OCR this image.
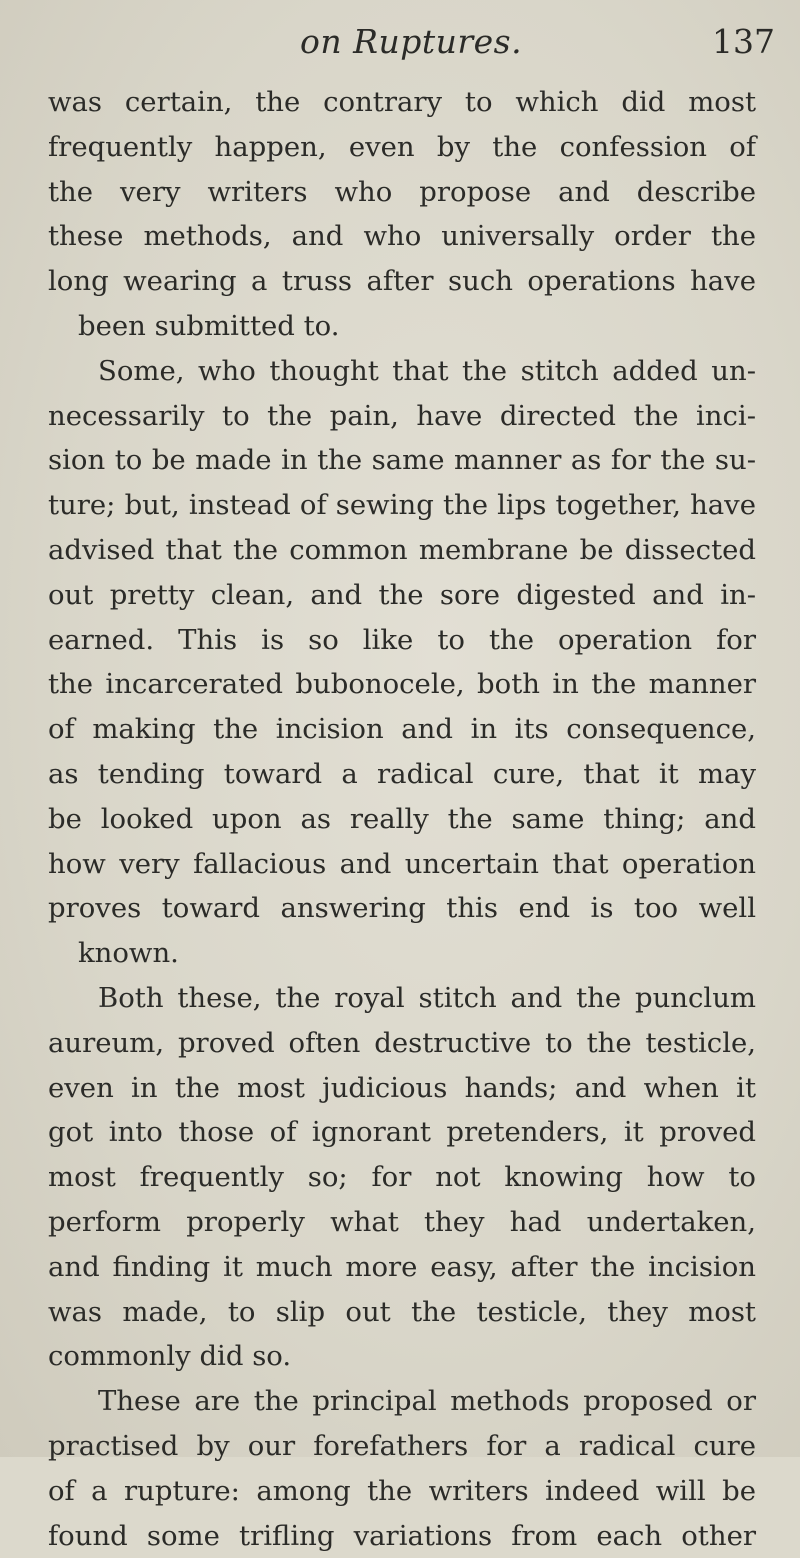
on Ruptures.	137
was certain, the contrary to which did most
frequently happen, even by the confession of
the very writers who propose and describe
these methods, and who universally order the
long wearing a truss after such operations have
been submitted to.
Some, who thought that the stitch added un-
necessarily to the pain, have directed the inci-
sion to be made in the same manner as for the su-
ture; but, instead of sewing the lips together, have
advised that the common membrane be dissected
out pretty clean, and the sore digested and in-
earned. This is so like to the operation for
the incarcerated bubonocele, both in the manner
of making the incision and in its consequence,
as tending toward a radical cure, that it may
be looked upon as really the same thing; and
how very fallacious and uncertain that operation
proves toward answering this end is too well
known.
Both these, the royal stitch and the punclum
aureum, proved often destructive to the testicle,
even in the most judicious hands; and when it
got into those of ignorant pretenders, it proved
most frequently so; for not knowing how to
perform properly what they had undertaken,
and finding it much more easy, after the incision
was made, to slip out the testicle, they most
commonly did so.
These are the principal methods proposed or
practised by our forefathers for a radical cure
of a rupture: among the writers indeed will be
found some trifling variations from each other
